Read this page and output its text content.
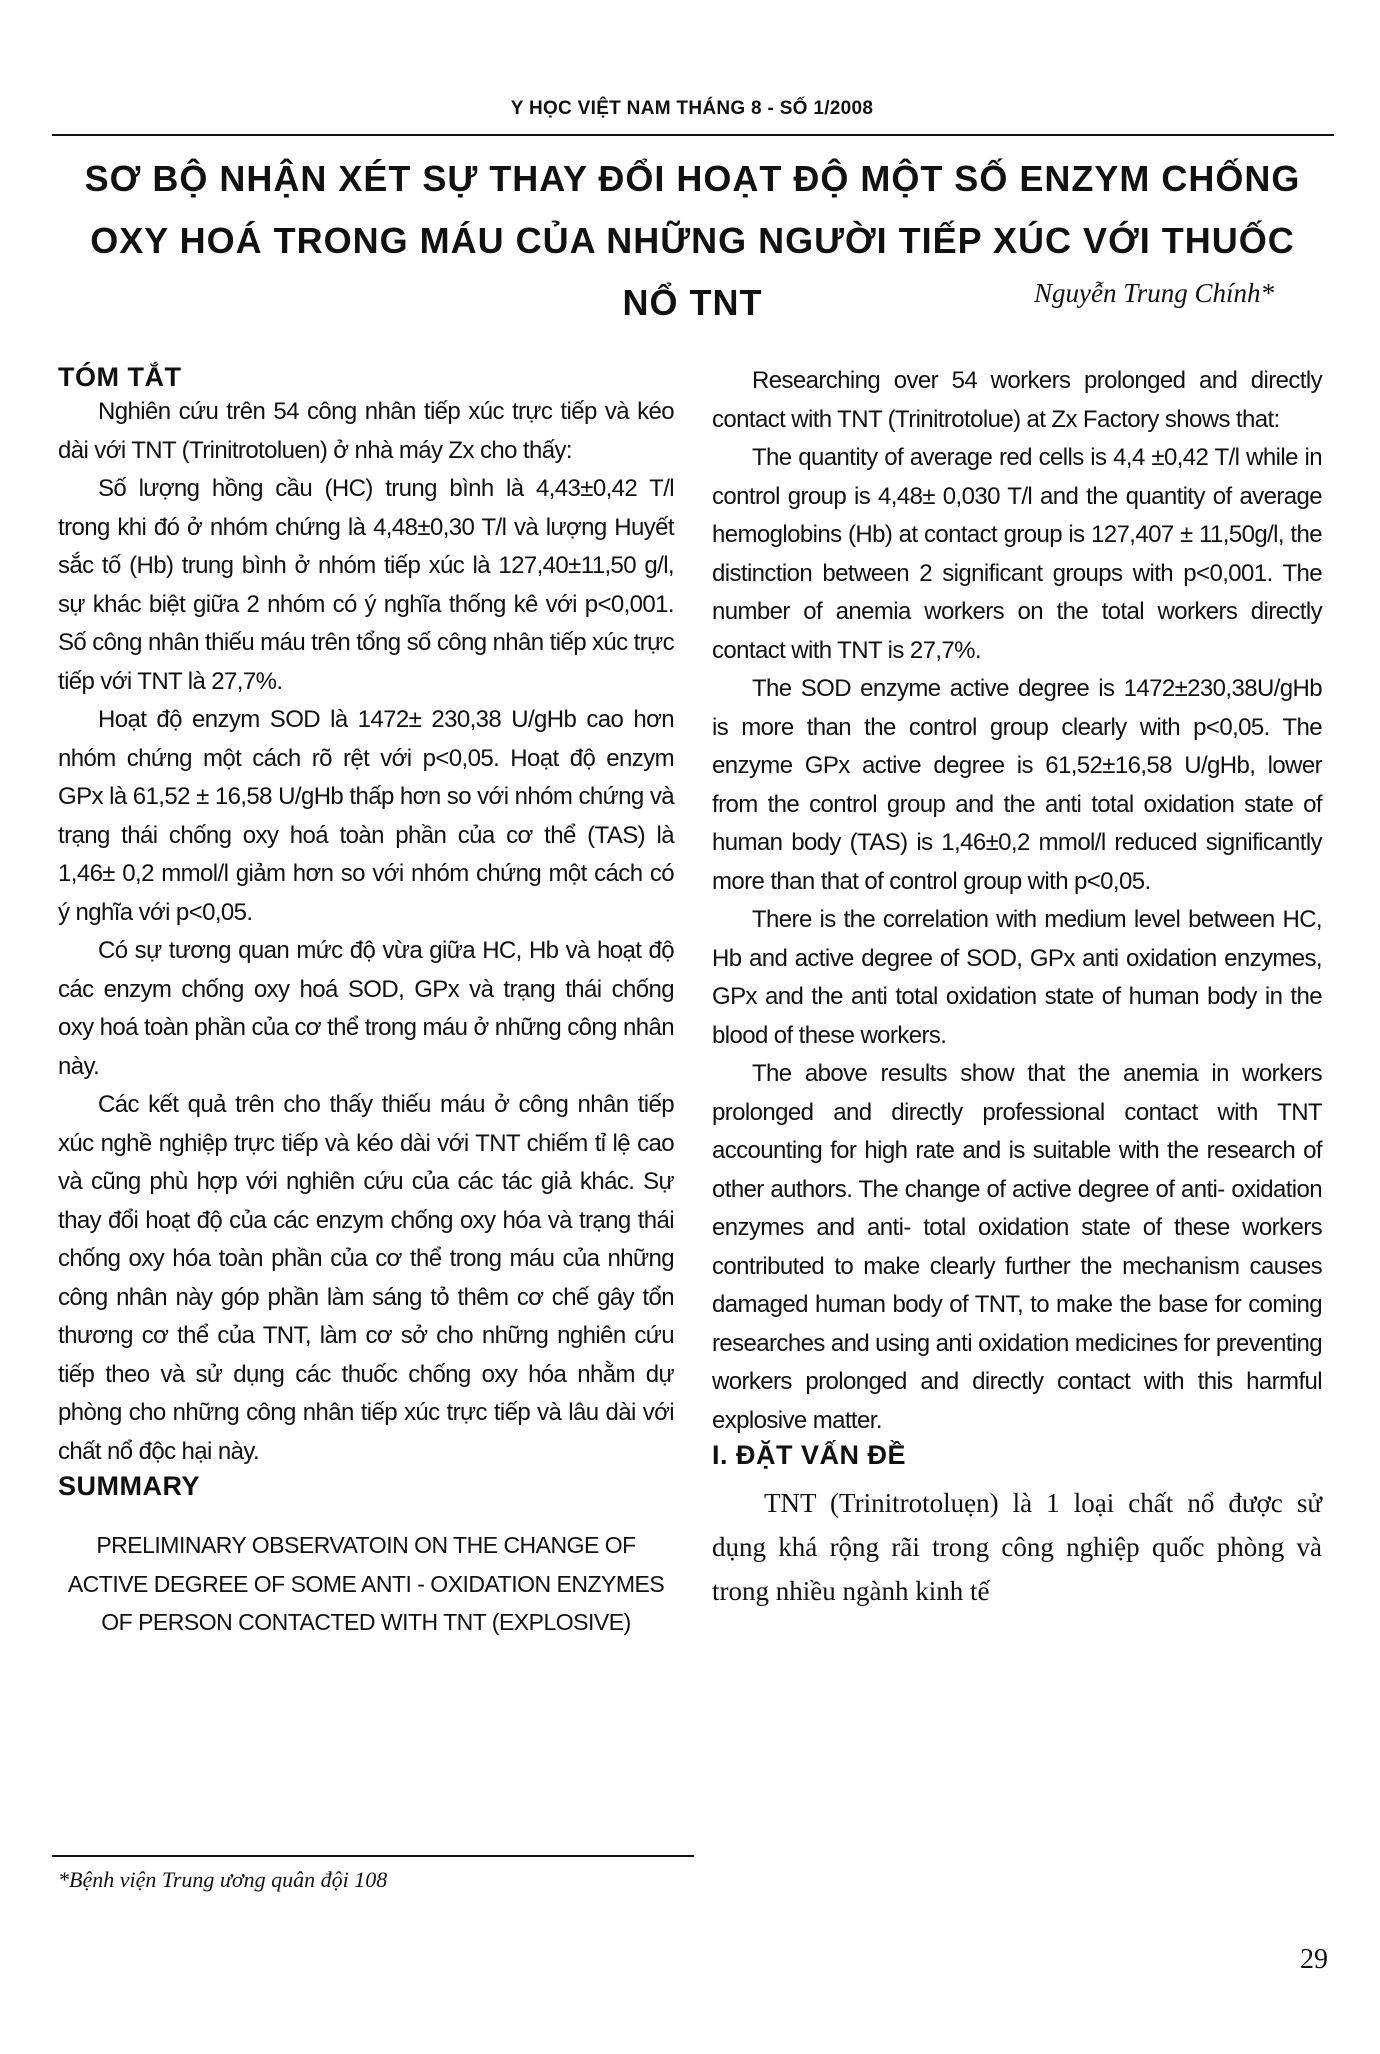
Y HỌC VIỆT NAM THÁNG 8 - SỐ 1/2008
SƠ BỘ NHẬN XÉT SỰ THAY ĐỔI HOẠT ĐỘ MỘT SỐ ENZYM CHỐNG
OXY HOÁ TRONG MÁU CỦA NHỮNG NGƯỜI TIẾP XÚC VỚI THUỐC NỔ TNT	Nguyễn Trung Chính*
TÓM TẮT

Nghiên cứu trên 54 công nhân tiếp xúc trực tiếp và kéo dài với TNT (Trinitrotoluen) ở nhà máy Zx cho thấy:

Số lượng hồng cầu (HC) trung bình là 4,43±0,42 T/l trong khi đó ở nhóm chứng là 4,48±0,30 T/l và lượng Huyết sắc tố (Hb) trung bình ở nhóm tiếp xúc là 127,40±11,50 g/l, sự khác biệt giữa 2 nhóm có ý nghĩa thống kê với p<0,001. Số công nhân thiếu máu trên tổng số công nhân tiếp xúc trực tiếp với TNT là 27,7%.

Hoạt độ enzym SOD là 1472± 230,38 U/gHb cao hơn nhóm chứng một cách rõ rệt với p<0,05. Hoạt độ enzym GPx là 61,52 ± 16,58 U/gHb thấp hơn so với nhóm chứng và trạng thái chống oxy hoá toàn phần của cơ thể (TAS) là 1,46± 0,2 mmol/l giảm hơn so với nhóm chứng một cách có ý nghĩa với p<0,05.

Có sự tương quan mức độ vừa giữa HC, Hb và hoạt độ các enzym chống oxy hoá SOD, GPx và trạng thái chống oxy hoá toàn phần của cơ thể trong máu ở những công nhân này.

Các kết quả trên cho thấy thiếu máu ở công nhân tiếp xúc nghề nghiệp trực tiếp và kéo dài với TNT chiếm tỉ lệ cao và cũng phù hợp với nghiên cứu của các tác giả khác. Sự thay đổi hoạt độ của các enzym chống oxy hóa và trạng thái chống oxy hóa toàn phần của cơ thể trong máu của những công nhân này góp phần làm sáng tỏ thêm cơ chế gây tổn thương cơ thể của TNT, làm cơ sở cho những nghiên cứu tiếp theo và sử dụng các thuốc chống oxy hóa nhằm dự phòng cho những công nhân tiếp xúc trực tiếp và lâu dài với chất nổ độc hại này.

SUMMARY
PRELIMINARY OBSERVATOIN ON THE CHANGE OF ACTIVE DEGREE OF SOME ANTI - OXIDATION ENZYMES OF PERSON CONTACTED WITH TNT (EXPLOSIVE)

Researching over 54 workers prolonged and directly contact with TNT (Trinitrotolue) at Zx Factory shows that:

The quantity of average red cells is 4,4 ±0,42 T/l while in control group is 4,48± 0,030 T/l and the quantity of average hemoglobins (Hb) at contact group is 127,407 ± 11,50g/l, the distinction between 2 significant groups with p<0,001. The number of anemia workers on the total workers directly contact with TNT is 27,7%.

The SOD enzyme active degree is 1472±230,38U/gHb is more than the control group clearly with p<0,05. The enzyme GPx active degree is 61,52±16,58 U/gHb, lower from the control group and the anti total oxidation state of human body (TAS) is 1,46±0,2 mmol/l reduced significantly more than that of control group with p<0,05.

There is the correlation with medium level between HC, Hb and active degree of SOD, GPx anti oxidation enzymes, GPx and the anti total oxidation state of human body in the blood of these workers.

The above results show that the anemia in workers prolonged and directly professional contact with TNT accounting for high rate and is suitable with the research of other authors. The change of active degree of anti- oxidation enzymes and anti- total oxidation state of these workers contributed to make clearly further the mechanism causes damaged human body of TNT, to make the base for coming researches and using anti oxidation medicines for preventing workers prolonged and directly contact with this harmful explosive matter.

I. ĐẶT VẤN ĐỀ

TNT (Trinitrotoluẹn) là 1 loại chất nổ được sử dụng khá rộng rãi trong công nghiệp quốc phòng và trong nhiều ngành kinh tế

*Bệnh viện Trung ương quân đội 108
29
